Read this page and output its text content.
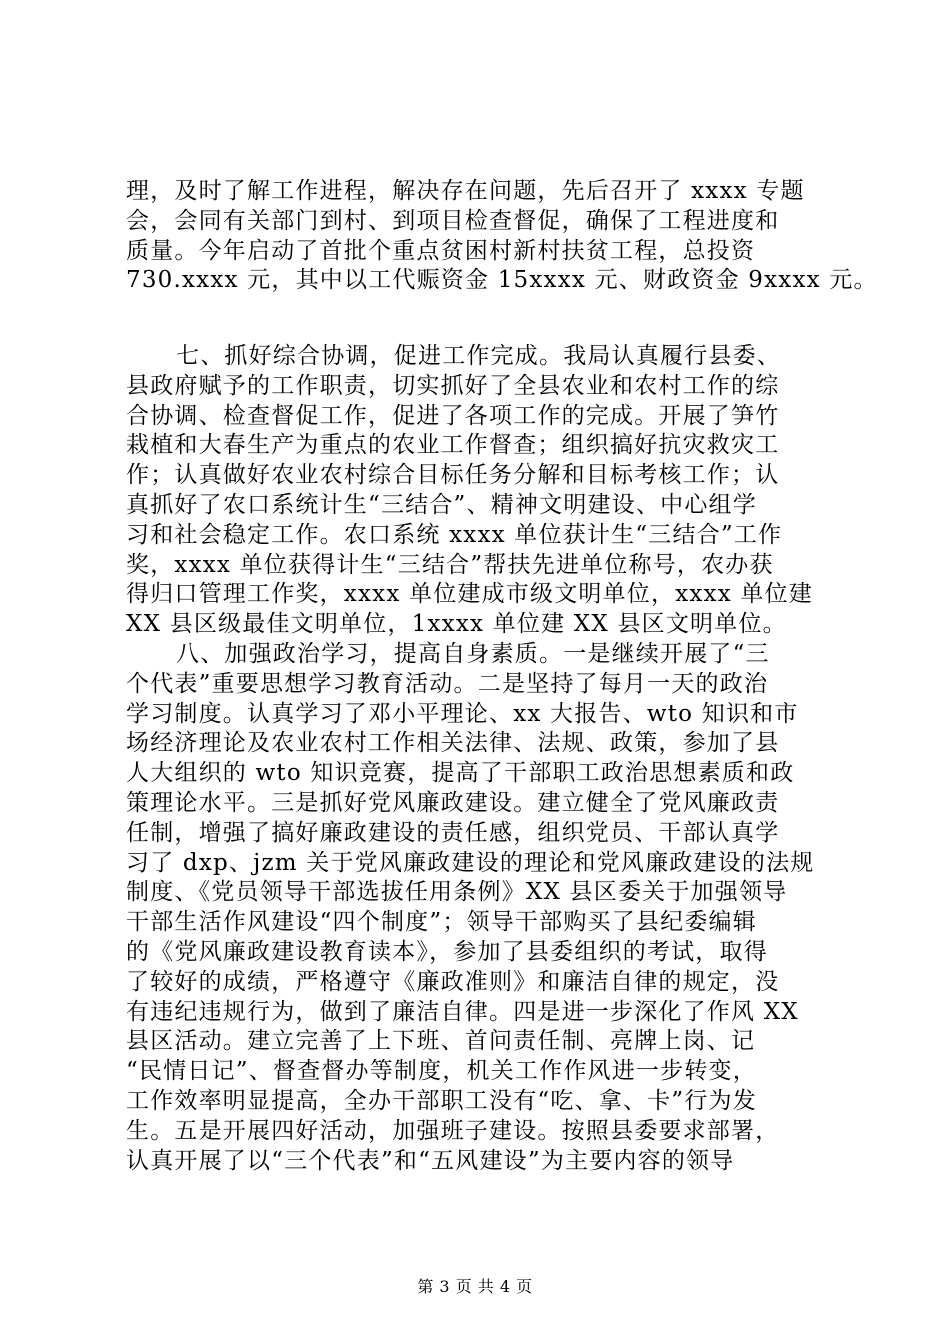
理，及时了解工作进程，解决存在问题，先后召开了 xxxx 专题
会，会同有关部门到村、到项目检查督促，确保了工程进度和
质量。今年启动了首批个重点贫困村新村扶贫工程，总投资
730.xxxx 元，其中以工代赈资金 15xxxx 元、财政资金 9xxxx 元。
七、抓好综合协调，促进工作完成。我局认真履行县委、
县政府赋予的工作职责，切实抓好了全县农业和农村工作的综
合协调、检查督促工作，促进了各项工作的完成。开展了笋竹
栽植和大春生产为重点的农业工作督查；组织搞好抗灾救灾工
作；认真做好农业农村综合目标任务分解和目标考核工作；认
真抓好了农口系统计生“三结合”、精神文明建设、中心组学
习和社会稳定工作。农口系统 xxxx 单位获计生“三结合”工作
奖，xxxx 单位获得计生“三结合”帮扶先进单位称号，农办获
得归口管理工作奖，xxxx 单位建成市级文明单位，xxxx 单位建
XX 县区级最佳文明单位，1xxxx 单位建 XX 县区文明单位。
八、加强政治学习，提高自身素质。一是继续开展了“三
个代表”重要思想学习教育活动。二是坚持了每月一天的政治
学习制度。认真学习了邓小平理论、xx 大报告、wto 知识和市
场经济理论及农业农村工作相关法律、法规、政策，参加了县
人大组织的 wto 知识竞赛，提高了干部职工政治思想素质和政
策理论水平。三是抓好党风廉政建设。建立健全了党风廉政责
任制，增强了搞好廉政建设的责任感，组织党员、干部认真学
习了 dxp、jzm 关于党风廉政建设的理论和党风廉政建设的法规
制度、《党员领导干部选拔任用条例》XX 县区委关于加强领导
干部生活作风建设“四个制度”；领导干部购买了县纪委编辑
的《党风廉政建设教育读本》，参加了县委组织的考试，取得
了较好的成绩，严格遵守《廉政准则》和廉洁自律的规定，没
有违纪违规行为，做到了廉洁自律。四是进一步深化了作风 XX
县区活动。建立完善了上下班、首问责任制、亮牌上岗、记
“民情日记”、督查督办等制度，机关工作作风进一步转变，
工作效率明显提高，全办干部职工没有“吃、拿、卡”行为发
生。五是开展四好活动，加强班子建设。按照县委要求部署，
认真开展了以“三个代表”和“五风建设”为主要内容的领导
第 3 页 共 4 页
